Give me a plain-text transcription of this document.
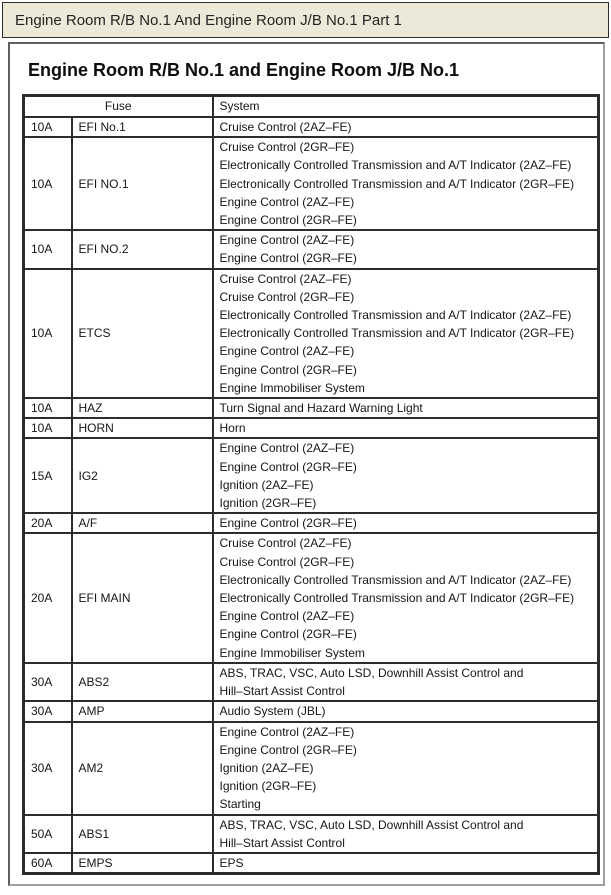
Engine Room R/B No.1 And Engine Room J/B No.1 Part 1
Engine Room R/B No.1 and Engine Room J/B No.1
Fuse		System
10A	EFI No.1	Cruise Control (2AZ–FE)

10A	EFI NO.1	Cruise Control (2GR–FE)
Electronically Controlled Transmission and A/T Indicator (2AZ–FE)
Electronically Controlled Transmission and A/T Indicator (2GR–FE)
Engine Control (2AZ–FE)
Engine Control (2GR–FE)

10A	EFI NO.2	Engine Control (2AZ–FE)
Engine Control (2GR–FE)

10A	ETCS	
Cruise Control (2AZ–FE)
Cruise Control (2GR–FE)
Electronically Controlled Transmission and A/T Indicator (2AZ–FE)
Electronically Controlled Transmission and A/T Indicator (2GR–FE)
Engine Control (2AZ–FE)
Engine Control (2GR–FE)
Engine Immobiliser System

10A	HAZ	Turn Signal and Hazard Warning Light

10A	HORN	Horn

15A	IG2	Engine Control (2AZ–FE)
Engine Control (2GR–FE)
Ignition (2AZ–FE)
Ignition (2GR–FE)

20A	A/F	Engine Control (2GR–FE)

20A	EFI MAIN	
Cruise Control (2AZ–FE)
Cruise Control (2GR–FE)
Electronically Controlled Transmission and A/T Indicator (2AZ–FE)
Electronically Controlled Transmission and A/T Indicator (2GR–FE)
Engine Control (2AZ–FE)
Engine Control (2GR–FE)
Engine Immobiliser System

30A	ABS2	ABS, TRAC, VSC, Auto LSD, Downhill Assist Control and
Hill–Start Assist Control

30A	AMP	Audio System (JBL)

30A	AM2	Engine Control (2AZ–FE)
Engine Control (2GR–FE)
Ignition (2AZ–FE)
Ignition (2GR–FE)
Starting

50A	ABS1	ABS, TRAC, VSC, Auto LSD, Downhill Assist Control and
Hill–Start Assist Control

60A	EMPS	EPS
